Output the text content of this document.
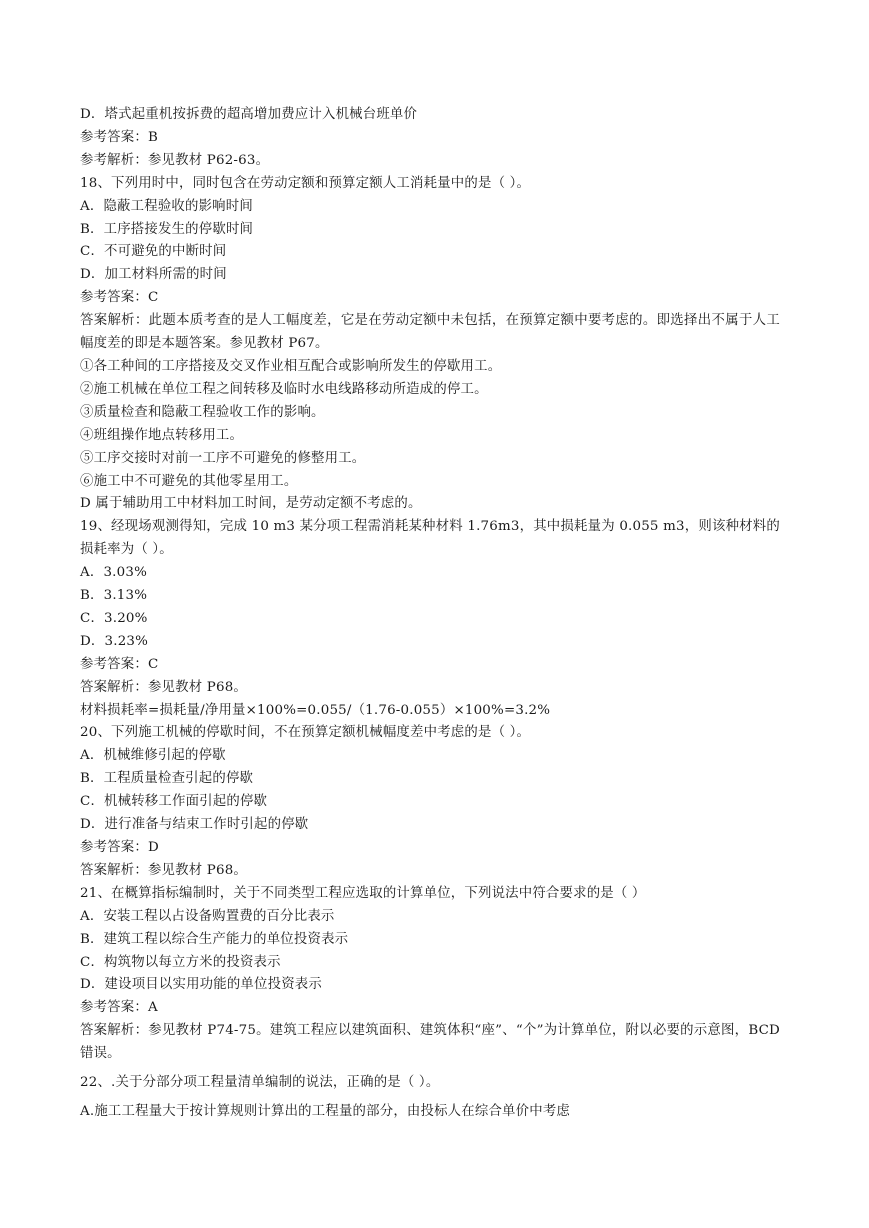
D．塔式起重机按拆费的超高增加费应计入机械台班单价
参考答案：B
参考解析：参见教材 P62-63。
18、下列用时中，同时包含在劳动定额和预算定额人工消耗量中的是（ ）。
A．隐蔽工程验收的影响时间
B．工序搭接发生的停歇时间
C．不可避免的中断时间
D．加工材料所需的时间
参考答案：C
答案解析：此题本质考查的是人工幅度差，它是在劳动定额中未包括，在预算定额中要考虑的。即选择出不属于人工幅度差的即是本题答案。参见教材 P67。
①各工种间的工序搭接及交叉作业相互配合或影响所发生的停歇用工。
②施工机械在单位工程之间转移及临时水电线路移动所造成的停工。
③质量检查和隐蔽工程验收工作的影响。
④班组操作地点转移用工。
⑤工序交接时对前一工序不可避免的修整用工。
⑥施工中不可避免的其他零星用工。
D 属于辅助用工中材料加工时间，是劳动定额不考虑的。
19、经现场观测得知，完成 10 m3 某分项工程需消耗某种材料 1.76m3，其中损耗量为 0.055 m3，则该种材料的损耗率为（ ）。
A．3.03%
B．3.13%
C．3.20%
D．3.23%
参考答案：C
答案解析：参见教材 P68。
材料损耗率=损耗量/净用量×100%=0.055/（1.76-0.055）×100%=3.2%
20、下列施工机械的停歇时间，不在预算定额机械幅度差中考虑的是（ ）。
A．机械维修引起的停歇
B．工程质量检查引起的停歇
C．机械转移工作面引起的停歇
D．进行准备与结束工作时引起的停歇
参考答案：D
答案解析：参见教材 P68。
21、在概算指标编制时，关于不同类型工程应选取的计算单位，下列说法中符合要求的是（ ）
A．安装工程以占设备购置费的百分比表示
B．建筑工程以综合生产能力的单位投资表示
C．构筑物以每立方米的投资表示
D．建设项目以实用功能的单位投资表示
参考答案：A
答案解析：参见教材 P74-75。建筑工程应以建筑面积、建筑体积“座”、“个”为计算单位，附以必要的示意图，BCD 错误。
22、.关于分部分项工程量清单编制的说法，正确的是（ ）。
A.施工工程量大于按计算规则计算出的工程量的部分，由投标人在综合单价中考虑
